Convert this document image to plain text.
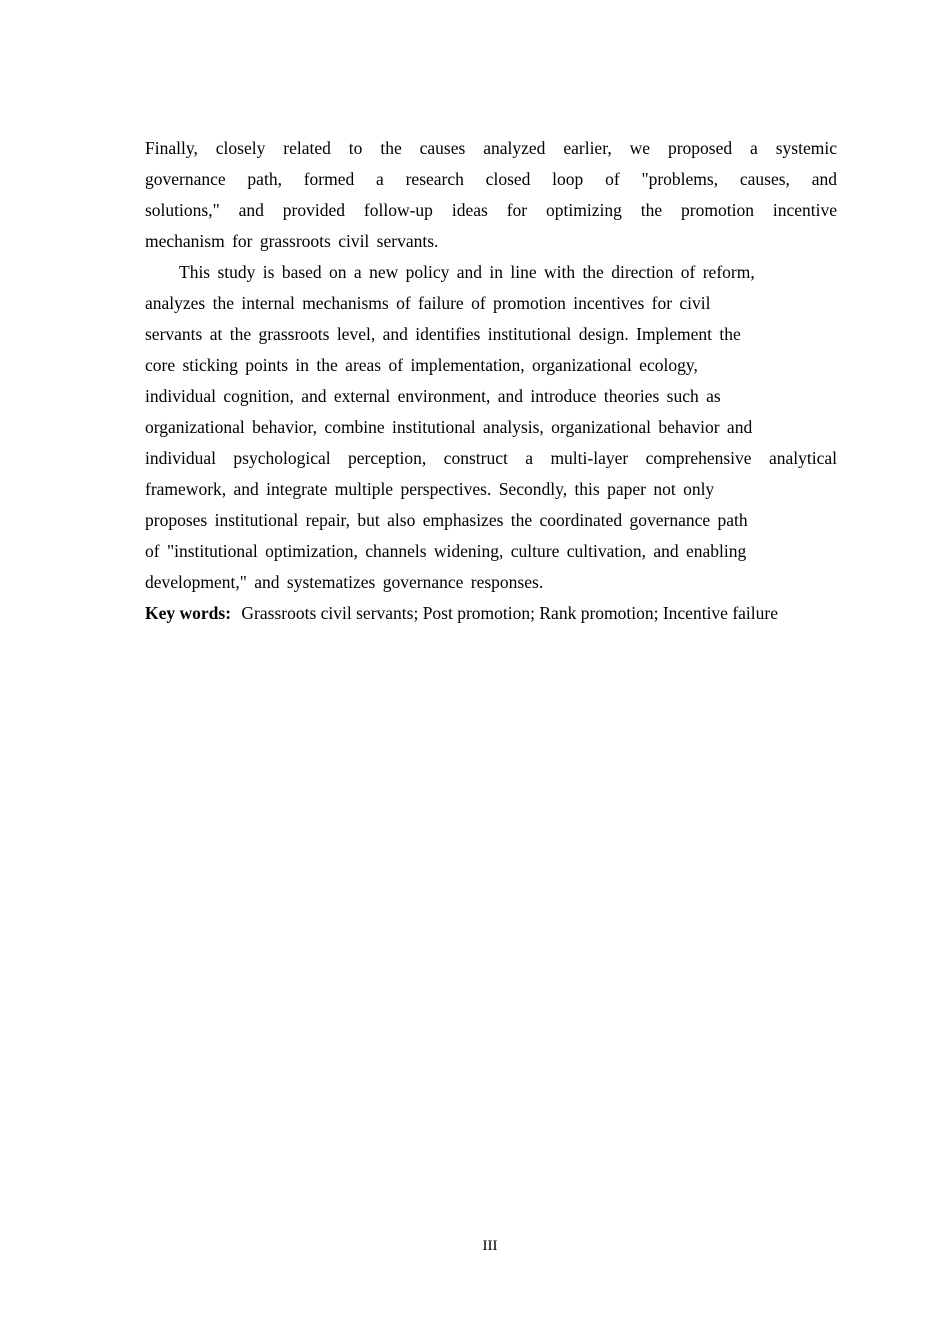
Finally, closely related to the causes analyzed earlier, we proposed a systemic
governance path, formed a research closed loop of "problems, causes, and
solutions," and provided follow-up ideas for optimizing the promotion incentive
mechanism for grassroots civil servants.
This study is based on a new policy and in line with the direction of reform,
analyzes the internal mechanisms of failure of promotion incentives for civil
servants at the grassroots level, and identifies institutional design. Implement the
core sticking points in the areas of implementation, organizational ecology,
individual cognition, and external environment, and introduce theories such as
organizational behavior, combine institutional analysis, organizational behavior and
individual psychological perception, construct a multi-layer comprehensive analytical
framework, and integrate multiple perspectives. Secondly, this paper not only
proposes institutional repair, but also emphasizes the coordinated governance path
of "institutional optimization, channels widening, culture cultivation, and enabling
development," and systematizes governance responses.
Key words: Grassroots civil servants; Post promotion; Rank promotion; Incentive failure
III
